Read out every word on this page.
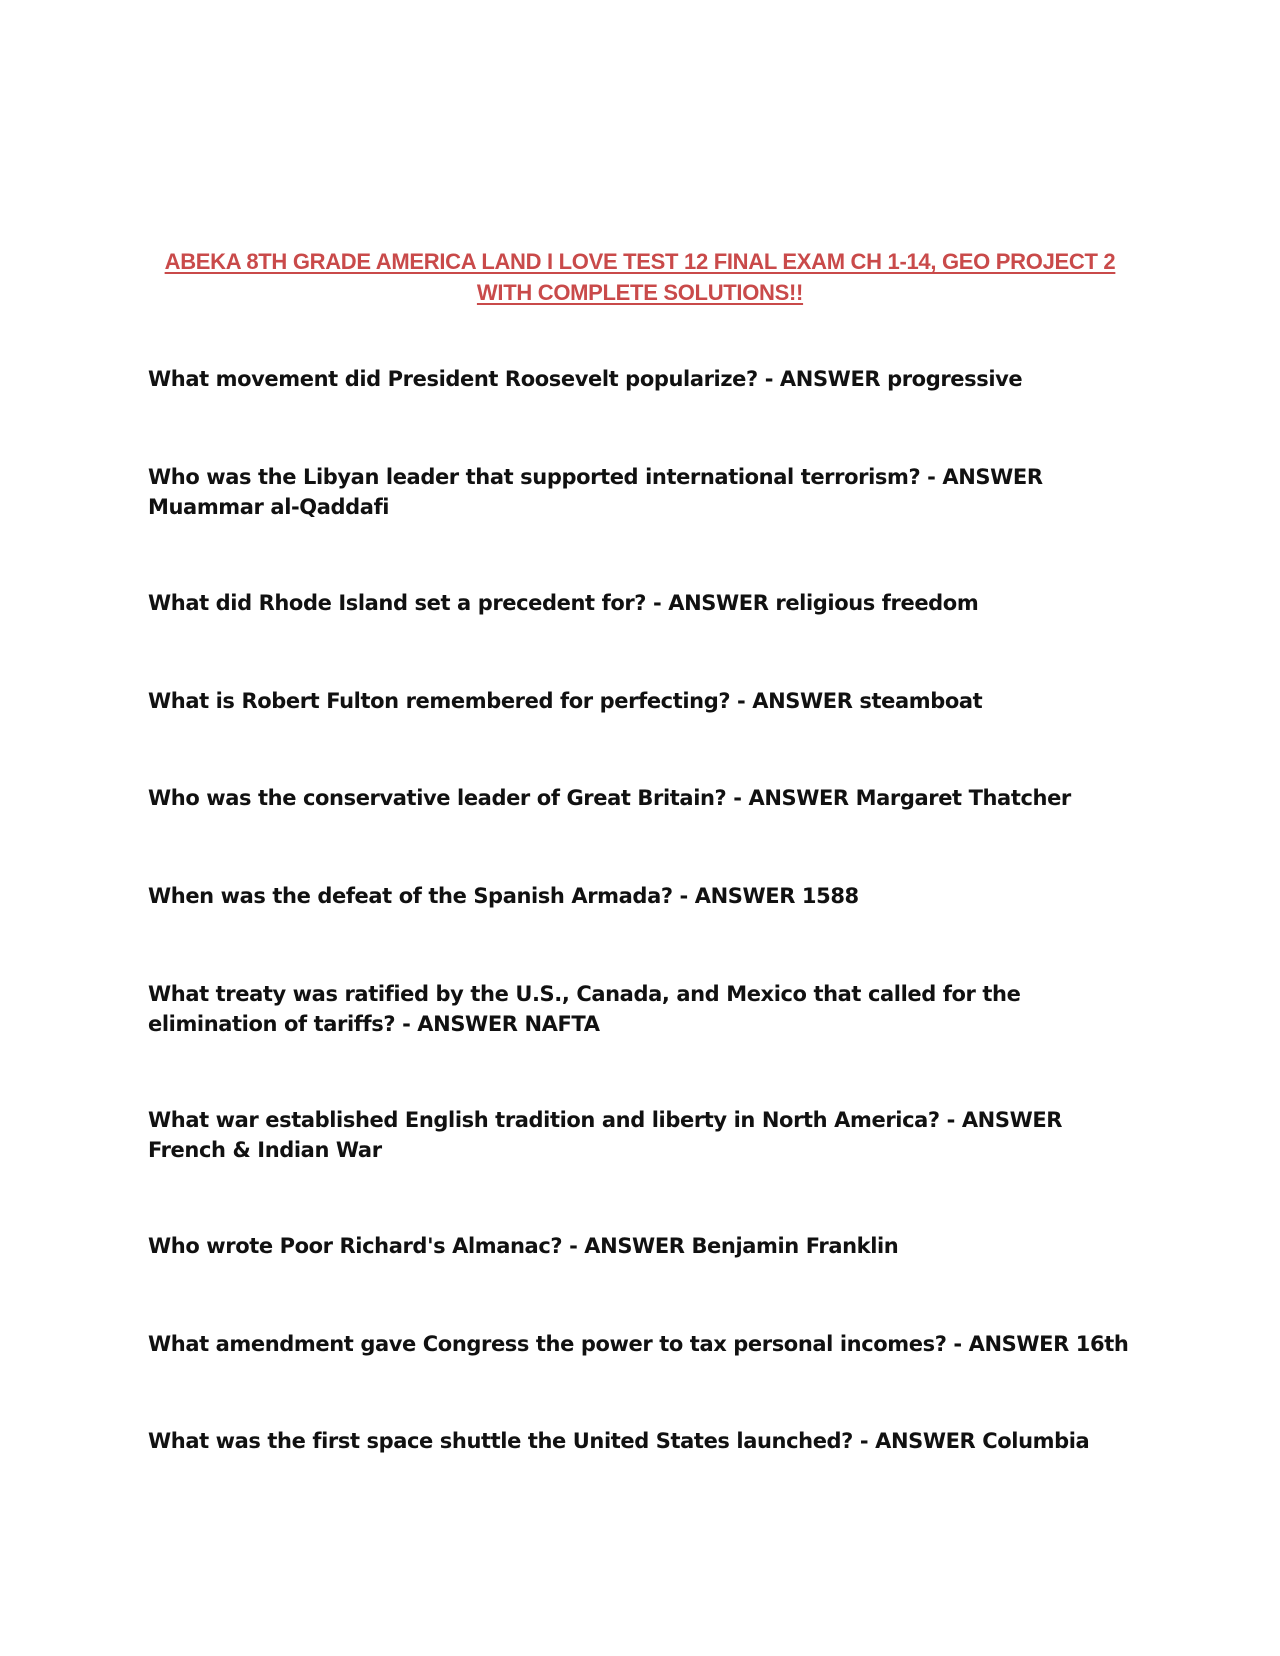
ABEKA 8TH GRADE AMERICA LAND I LOVE TEST 12 FINAL EXAM CH 1-14, GEO PROJECT 2 WITH COMPLETE SOLUTIONS!!

What movement did President Roosevelt popularize? - ANSWER progressive

Who was the Libyan leader that supported international terrorism? - ANSWER Muammar al-Qaddafi

What did Rhode Island set a precedent for? - ANSWER religious freedom

What is Robert Fulton remembered for perfecting? - ANSWER steamboat

Who was the conservative leader of Great Britain? - ANSWER Margaret Thatcher

When was the defeat of the Spanish Armada? - ANSWER 1588

What treaty was ratified by the U.S., Canada, and Mexico that called for the elimination of tariffs? - ANSWER NAFTA

What war established English tradition and liberty in North America? - ANSWER French & Indian War

Who wrote Poor Richard's Almanac? - ANSWER Benjamin Franklin

What amendment gave Congress the power to tax personal incomes? - ANSWER 16th

What was the first space shuttle the United States launched? - ANSWER Columbia
